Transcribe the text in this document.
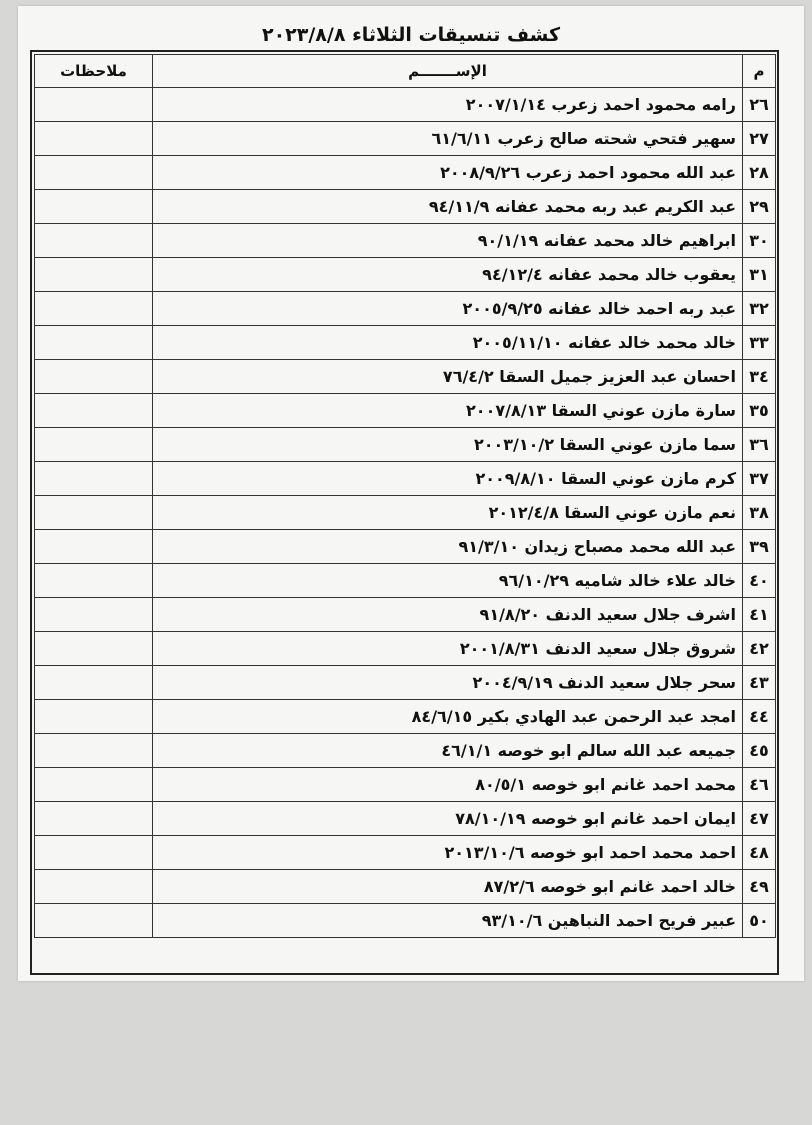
كشف تنسيقات الثلاثاء ٢٠٢٣/٨/٨
م	الإســـــــم	ملاحظات
٢٦	رامه محمود احمد زعرب ٢٠٠٧/١/١٤	
٢٧	سهير فتحي شحته صالح زعرب ٦١/٦/١١	
٢٨	عبد الله محمود احمد زعرب ٢٠٠٨/٩/٢٦	
٢٩	عبد الكريم عبد ربه محمد عفانه ٩٤/١١/٩	
٣٠	ابراهيم خالد محمد عفانه ٩٠/١/١٩	
٣١	يعقوب خالد محمد عفانه ٩٤/١٢/٤	
٣٢	عبد ربه احمد خالد عفانه ٢٠٠٥/٩/٢٥	
٣٣	خالد محمد خالد عفانه ٢٠٠٥/١١/١٠	
٣٤	احسان عبد العزيز جميل السقا ٧٦/٤/٢	
٣٥	سارة مازن عوني السقا ٢٠٠٧/٨/١٣	
٣٦	سما مازن عوني السقا ٢٠٠٣/١٠/٢	
٣٧	كرم مازن عوني السقا ٢٠٠٩/٨/١٠	
٣٨	نعم مازن عوني السقا ٢٠١٢/٤/٨	
٣٩	عبد الله محمد مصباح زيدان ٩١/٣/١٠	
٤٠	خالد علاء خالد شاميه ٩٦/١٠/٢٩	
٤١	اشرف جلال سعيد الدنف ٩١/٨/٢٠	
٤٢	شروق جلال سعيد الدنف ٢٠٠١/٨/٣١	
٤٣	سحر جلال سعيد الدنف ٢٠٠٤/٩/١٩	
٤٤	امجد عبد الرحمن عبد الهادي بكير ٨٤/٦/١٥	
٤٥	جميعه عبد الله سالم ابو خوصه ٤٦/١/١	
٤٦	محمد احمد غانم ابو خوصه ٨٠/٥/١	
٤٧	ايمان احمد غانم ابو خوصه ٧٨/١٠/١٩	
٤٨	احمد محمد احمد ابو خوصه ٢٠١٣/١٠/٦	
٤٩	خالد احمد غانم ابو خوصه ٨٧/٢/٦	
٥٠	عبير فريح احمد النباهين ٩٣/١٠/٦	
